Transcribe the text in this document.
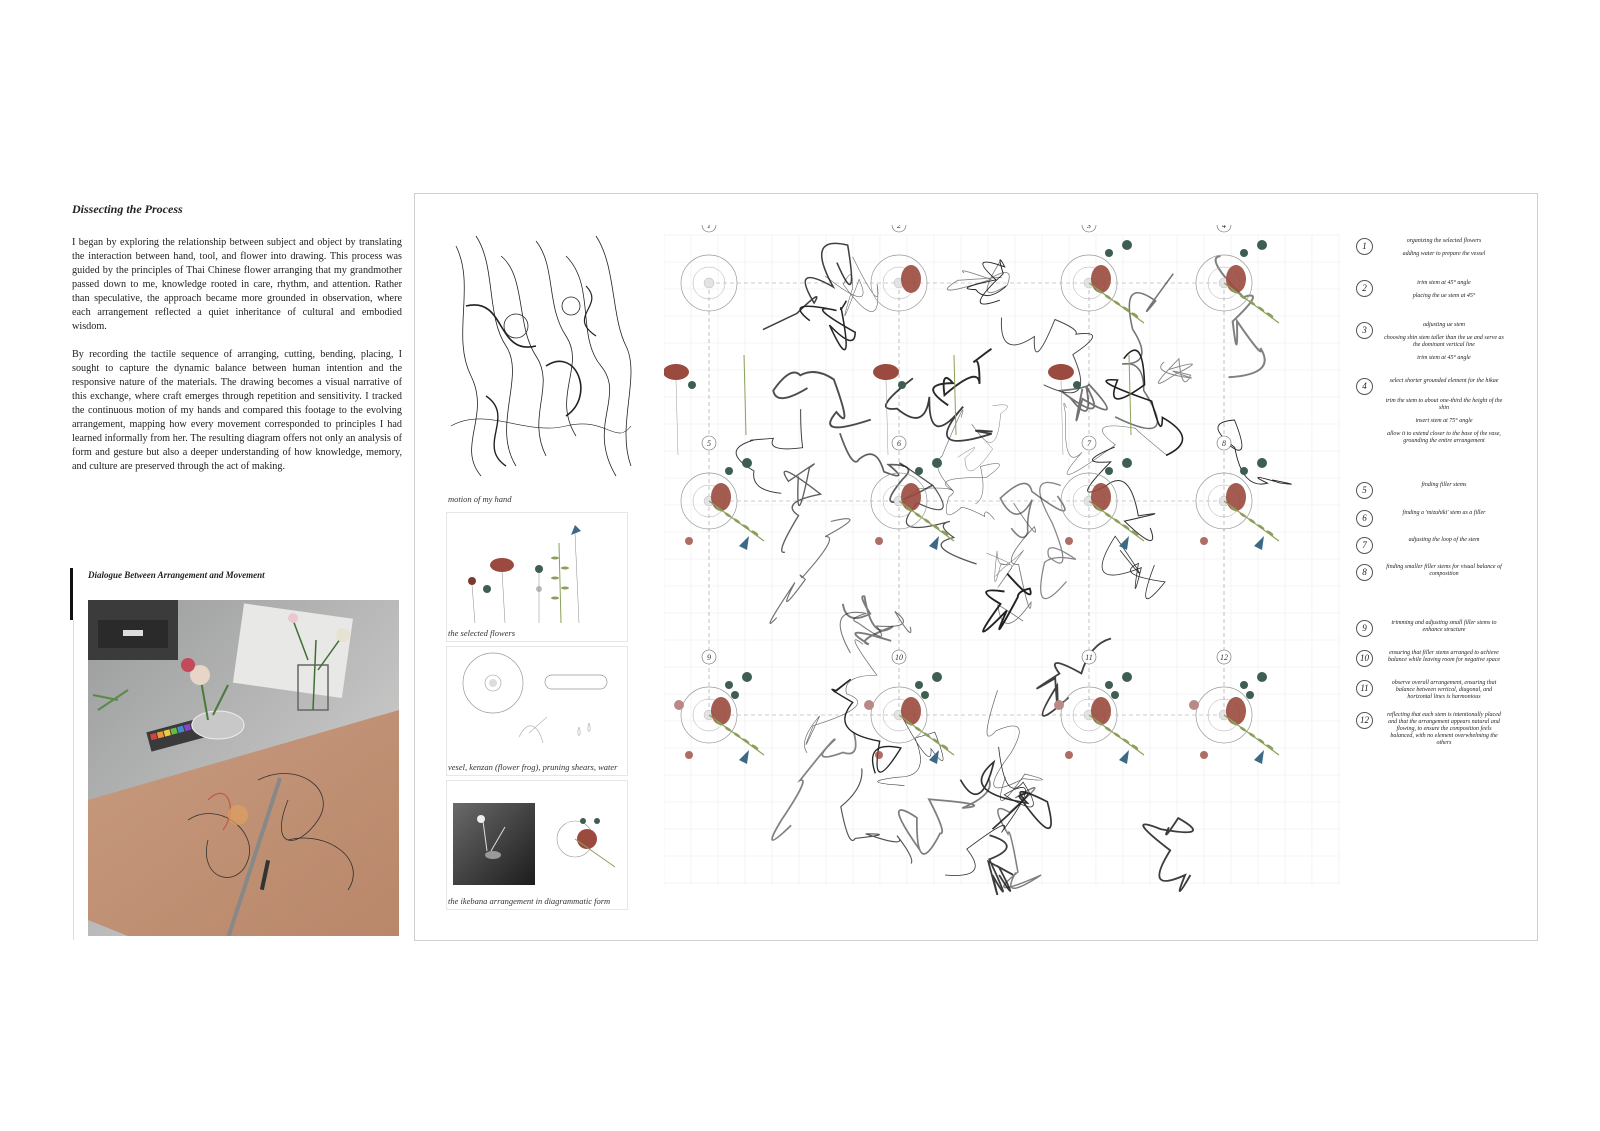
Dissecting the Process
I began by exploring the relationship between subject and object by translating the interaction between hand, tool, and flower into drawing. This process was guided by the principles of Thai Chinese flower arranging that my grandmother passed down to me, knowledge rooted in care, rhythm, and attention. Rather than speculative, the approach became more grounded in observation, where each arrangement reflected a quiet inheritance of cultural and embodied wisdom.
By recording the tactile sequence of arranging, cutting, bending, placing, I sought to capture the dynamic balance between human intention and the responsive nature of the materials. The drawing becomes a visual narrative of this exchange, where craft emerges through repetition and sensitivity. I tracked the continuous motion of my hands and compared this footage to the evolving arrangement, mapping how every movement corresponded to principles I had learned informally from her. The resulting diagram offers not only an analysis of form and gesture but also a deeper understanding of how knowledge, memory, and culture are preserved through the act of making.
Dialogue Between Arrangement and Movement
motion of my hand
the selected flowers
vesel, kenzan (flower frog), pruning shears, water
the ikebana arrangement in diagrammatic form
1	2	3	4
5	6	7	8
9	10	11	12
1	organizing the selected flowers
adding water to prepare the vessel
2	trim stem at 45° angle
placing the ue stem at 45°
3	adjusting ue stem
choosing shin stem taller than the ue and serve as the dominant vertical line
trim stem at 45° angle
4	select shorter grounded element for the hikae
trim the stem to about one-third the height of the shin
insert stem at 75° angle
allow it to extend closer to the base of the vase, grounding the entire arrangement
5	finding filler stems
6	finding a 'mizuhiki' stem as a filler
7	adjusting the loop of the stem
8	finding smaller filler stems for visual balance of composition
9	trimming and adjusting small filler stems to enhance structure
10	ensuring that filler stems arranged to achieve balance while leaving room for negative space
11	observe overall arrangement, ensuring that balance between vertical, diagonal, and horizontal lines is harmonious
12	reflecting that each stem is intentionally placed and that the arrangement appears natural and flowing, to ensure the composition feels balanced, with no element overwhelming the others
